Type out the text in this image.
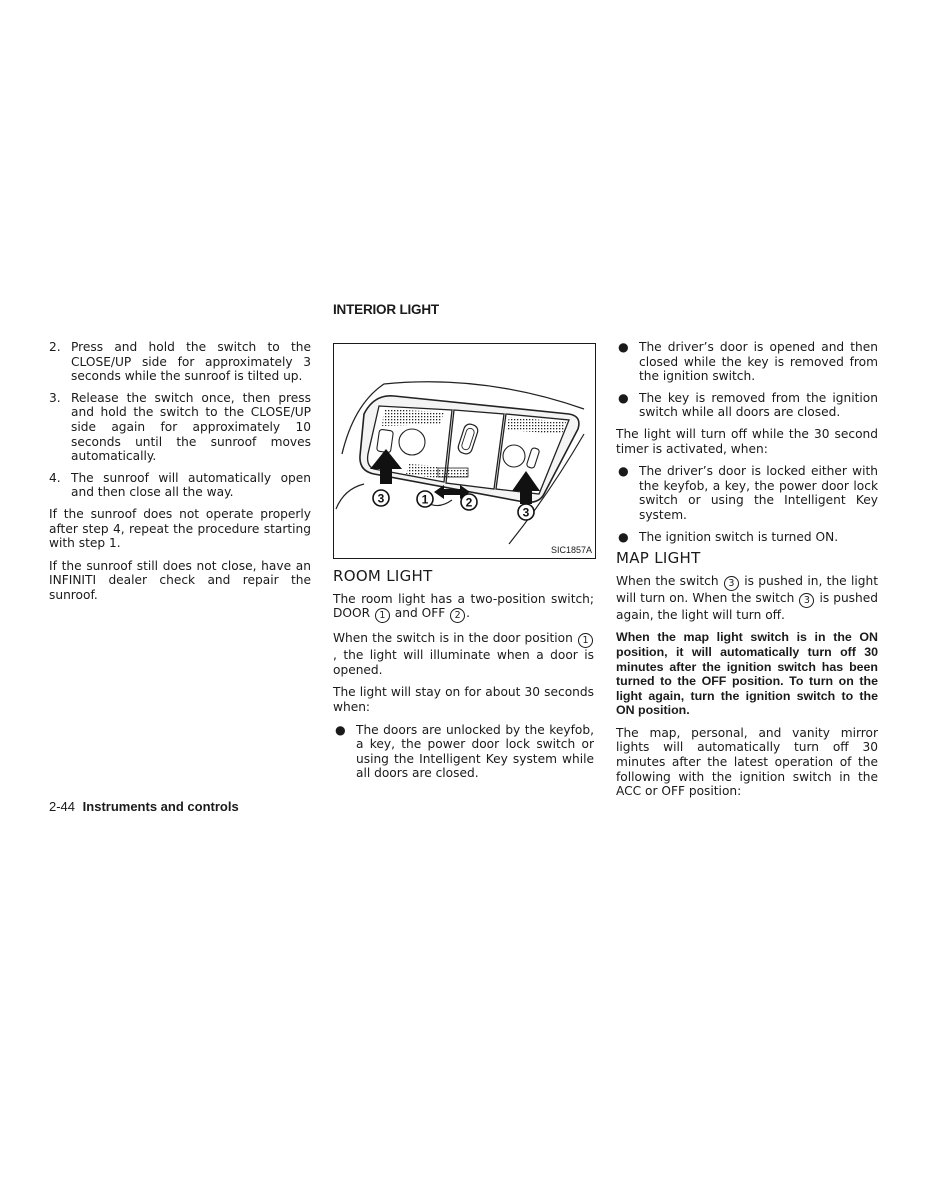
INTERIOR LIGHT
2. Press and hold the switch to the CLOSE/UP side for approximately 3 seconds while the sunroof is tilted up.
3. Release the switch once, then press and hold the switch to the CLOSE/UP side again for approximately 10 seconds until the sunroof moves automatically.
4. The sunroof will automatically open and then close all the way.

If the sunroof does not operate properly after step 4, repeat the procedure starting with step 1.

If the sunroof still does not close, have an INFINITI dealer check and repair the sunroof.

3	1	2
3
SIC1857A
ROOM LIGHT

The room light has a two-position switch; DOOR 1 and OFF 2 .

When the switch is in the door position 1, the light will illuminate when a door is opened.

The light will stay on for about 30 seconds when:

● The doors are unlocked by the keyfob, a key, the power door lock switch or using the Intelligent Key system while all doors are closed.
● The driver’s door is opened and then closed while the key is removed from the ignition switch.
● The key is removed from the ignition switch while all doors are closed.

The light will turn off while the 30 second timer is activated, when:

● The driver’s door is locked either with the keyfob, a key, the power door lock switch or using the Intelligent Key system.
● The ignition switch is turned ON.
MAP LIGHT

When the switch 3 is pushed in, the light will turn on. When the switch 3 is pushed again, the light will turn off.

When the map light switch is in the ON position, it will automatically turn off 30 minutes after the ignition switch has been turned to the OFF position. To turn on the light again, turn the ignition switch to the ON position.

The map, personal, and vanity mirror lights will automatically turn off 30 minutes after the latest operation of the following with the ignition switch in the ACC or OFF position:

2-44 Instruments and controls
